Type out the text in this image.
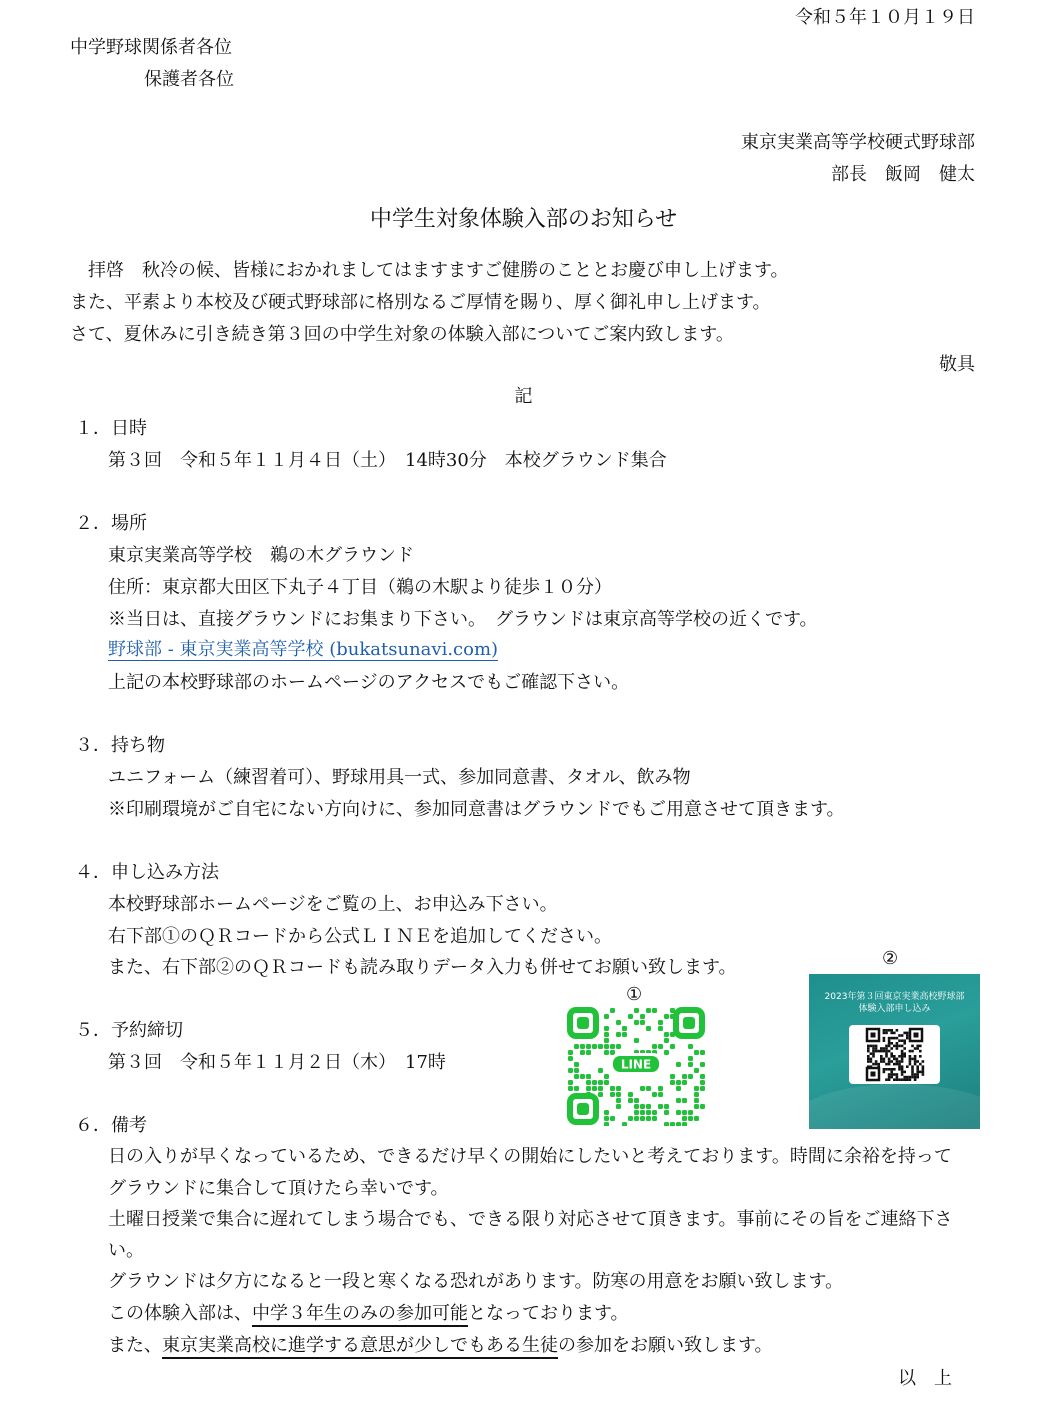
令和５年１０月１９日
中学野球関係者各位
保護者各位
東京実業高等学校硬式野球部
部長　飯岡　健太
中学生対象体験入部のお知らせ
拝啓　秋冷の候、皆様におかれましてはますますご健勝のこととお慶び申し上げます。
また、平素より本校及び硬式野球部に格別なるご厚情を賜り、厚く御礼申し上げます。
さて、夏休みに引き続き第３回の中学生対象の体験入部についてご案内致します。
敬具
記
１．日時
第３回　令和５年１１月４日（土）　14時30分　本校グラウンド集合
２．場所
東京実業高等学校　鵜の木グラウンド
住所：東京都大田区下丸子４丁目（鵜の木駅より徒歩１０分）
※当日は、直接グラウンドにお集まり下さい。　グラウンドは東京高等学校の近くです。
野球部 - 東京実業高等学校 (bukatsunavi.com)
上記の本校野球部のホームページのアクセスでもご確認下さい。
３．持ち物
ユニフォーム（練習着可）、野球用具一式、参加同意書、タオル、飲み物
※印刷環境がご自宅にない方向けに、参加同意書はグラウンドでもご用意させて頂きます。
４．申し込み方法
本校野球部ホームページをご覧の上、お申込み下さい。
右下部①のＱＲコードから公式ＬＩＮＥを追加してください。
また、右下部②のＱＲコードも読み取りデータ入力も併せてお願い致します。
５．予約締切
第３回　令和５年１１月２日（木）　17時
６．備考
日の入りが早くなっているため、できるだけ早くの開始にしたいと考えております。時間に余裕を持って
グラウンドに集合して頂けたら幸いです。
土曜日授業で集合に遅れてしまう場合でも、できる限り対応させて頂きます。事前にその旨をご連絡下さ
い。
グラウンドは夕方になると一段と寒くなる恐れがあります。防寒の用意をお願い致します。
この体験入部は、中学３年生のみの参加可能となっております。
また、東京実業高校に進学する意思が少しでもある生徒の参加をお願い致します。
以　上
①
LINE
②
2023年第３回東京実業高校野球部
体験入部申し込み
